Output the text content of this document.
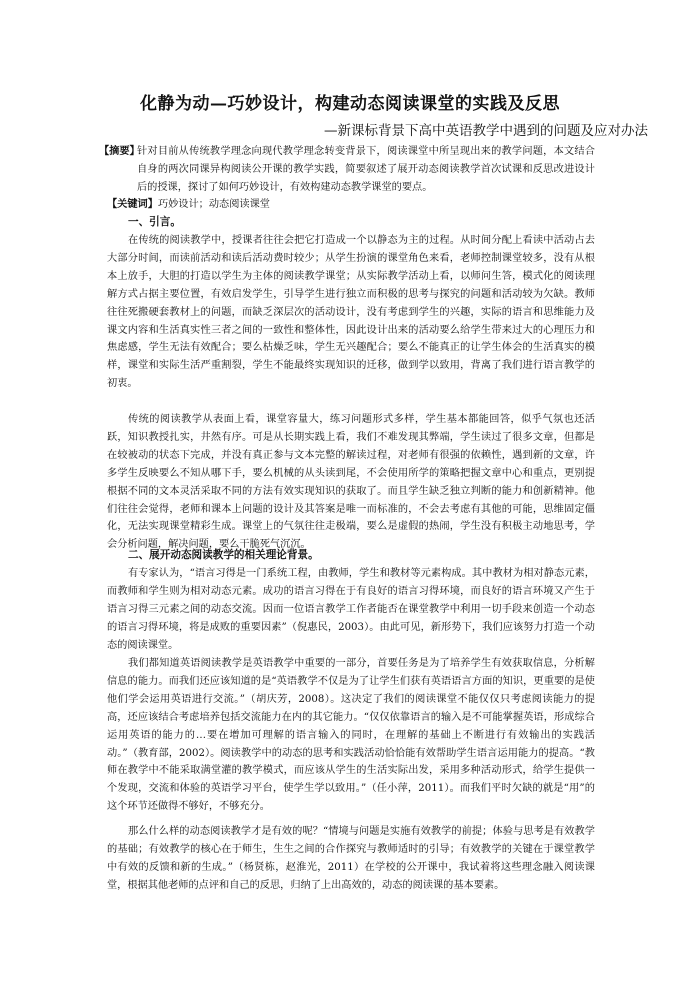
化静为动—巧妙设计，构建动态阅读课堂的实践及反思
—新课标背景下高中英语教学中遇到的问题及应对办法
【摘要】
针对目前从传统教学理念向现代教学理念转变背景下，阅读课堂中所呈现出来的教学问题，本文结合自身的两次同课异构阅读公开课的教学实践，简要叙述了展开动态阅读教学首次试课和反思改进设计后的授课，探讨了如何巧妙设计，有效构建动态教学课堂的要点。
【关键词】巧妙设计；动态阅读课堂
一、引言。

在传统的阅读教学中，授课者往往会把它打造成一个以静态为主的过程。从时间分配上看读中活动占去大部分时间，而读前活动和读后活动费时较少；从学生扮演的课堂角色来看，老师控制课堂较多，没有从根本上放手，大胆的打造以学生为主体的阅读教学课堂；从实际教学活动上看，以师问生答，模式化的阅读理解方式占据主要位置，有效启发学生，引导学生进行独立而积极的思考与探究的问题和活动较为欠缺。教师往往死搬硬套教材上的问题，而缺乏深层次的活动设计，没有考虑到学生的兴趣，实际的语言和思维能力及课文内容和生活真实性三者之间的一致性和整体性，因此设计出来的活动要么给学生带来过大的心理压力和焦虑感，学生无法有效配合；要么枯燥乏味，学生无兴趣配合；要么不能真正的让学生体会的生活真实的模样，课堂和实际生活严重割裂，学生不能最终实现知识的迁移，做到学以致用，背离了我们进行语言教学的初衷。

传统的阅读教学从表面上看，课堂容量大，练习问题形式多样，学生基本都能回答，似乎气氛也还活跃，知识教授扎实，井然有序。可是从长期实践上看，我们不难发现其弊端，学生读过了很多文章，但都是在较被动的状态下完成，并没有真正参与文本完整的解读过程，对老师有很强的依赖性，遇到新的文章，许多学生反映要么不知从哪下手，要么机械的从头读到尾，不会使用所学的策略把握文章中心和重点，更别提根据不同的文本灵活采取不同的方法有效实现知识的获取了。而且学生缺乏独立判断的能力和创新精神。他们往往会觉得，老师和课本上问题的设计及其答案是唯一而标准的，不会去考虑有其他的可能，思维固定僵化，无法实现课堂精彩生成。课堂上的气氛往往走极端，要么是虚假的热闹，学生没有积极主动地思考，学会分析问题，解决问题，要么干脆死气沉沉。

二、展开动态阅读教学的相关理论背景。

有专家认为，“语言习得是一门系统工程，由教师，学生和教材等元素构成。其中教材为相对静态元素，而教师和学生则为相对动态元素。成功的语言习得在于有良好的语言习得环境，而良好的语言环境又产生于语言习得三元素之间的动态交流。因而一位语言教学工作者能否在课堂教学中利用一切手段来创造一个动态的语言习得环境，将是成败的重要因素”（倪惠民，2003）。由此可见，新形势下，我们应该努力打造一个动态的阅读课堂。

我们都知道英语阅读教学是英语教学中重要的一部分，首要任务是为了培养学生有效获取信息，分析解信息的能力。而我们还应该知道的是“英语教学不仅是为了让学生们获有英语语言方面的知识，更重要的是使他们学会运用英语进行交流。”（胡庆芳，2008）。这决定了我们的阅读课堂不能仅仅只考虑阅读能力的提高，还应该结合考虑培养包括交流能力在内的其它能力。“仅仅依靠语言的输入是不可能掌握英语，形成综合运用英语的能力的…要在增加可理解的语言输入的同时，在理解的基础上不断进行有效输出的实践活动。”（教育部，2002）。阅读教学中的动态的思考和实践活动恰恰能有效帮助学生语言运用能力的提高。“教师在教学中不能采取满堂灌的教学模式，而应该从学生的生活实际出发，采用多种活动形式，给学生提供一个发现，交流和体验的英语学习平台，使学生学以致用。”（任小萍，2011）。而我们平时欠缺的就是“用”的这个环节还做得不够好，不够充分。

那么什么样的动态阅读教学才是有效的呢？“情境与问题是实施有效教学的前提；体验与思考是有效教学的基础；有效教学的核心在于师生，生生之间的合作探究与教师适时的引导；有效教学的关键在于课堂教学中有效的反馈和新的生成。”（杨贤栋，赵淮光，2011）在学校的公开课中，我试着将这些理念融入阅读课堂，根据其他老师的点评和自己的反思，归纳了上出高效的，动态的阅读课的基本要素。
